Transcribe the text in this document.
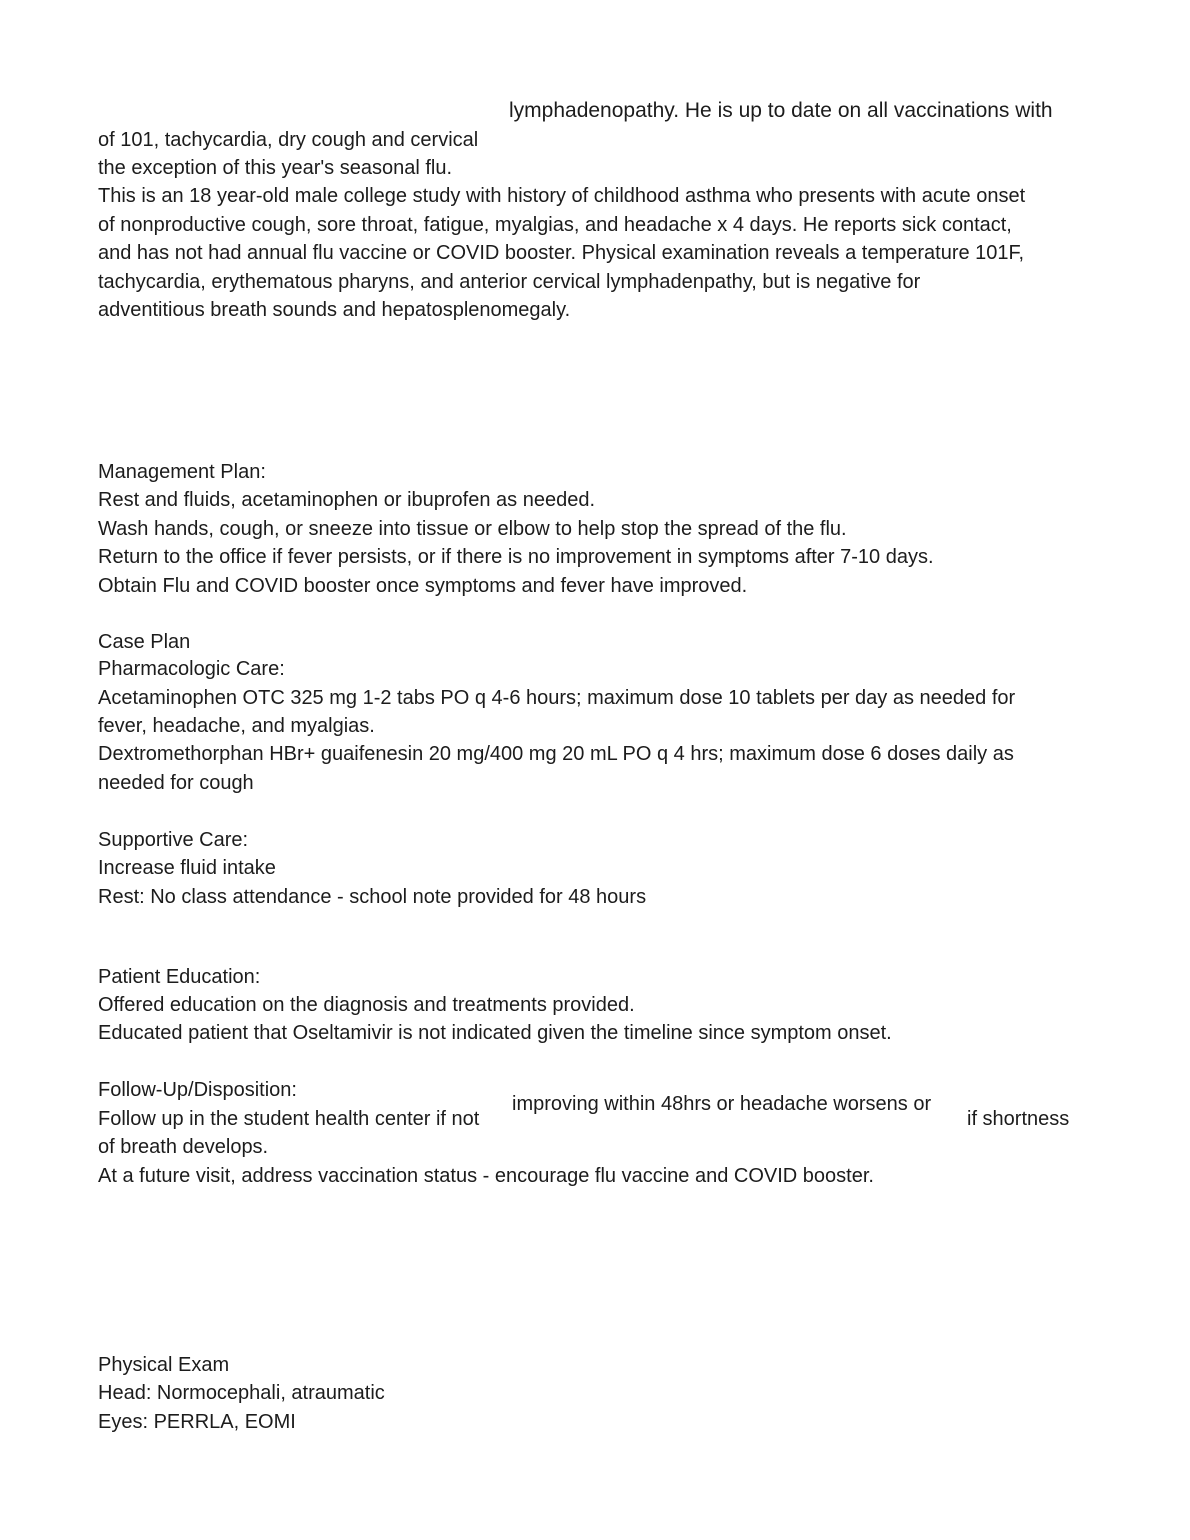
lymphadenopathy. He is up to date on all vaccinations with
of 101, tachycardia, dry cough and cervical
the exception of this year's seasonal flu.
This is an 18 year-old male college study with history of childhood asthma who presents with acute onset
of nonproductive cough, sore throat, fatigue, myalgias, and headache x 4 days. He reports sick contact,
and has not had annual flu vaccine or COVID booster. Physical examination reveals a temperature 101F,
tachycardia, erythematous pharyns, and anterior cervical lymphadenpathy, but is negative for
adventitious breath sounds and hepatosplenomegaly.
Management Plan:
Rest and fluids, acetaminophen or ibuprofen as needed.
Wash hands, cough, or sneeze into tissue or elbow to help stop the spread of the flu.
Return to the office if fever persists, or if there is no improvement in symptoms after 7-10 days.
Obtain Flu and COVID booster once symptoms and fever have improved.
Case Plan
Pharmacologic Care:
Acetaminophen OTC 325 mg 1-2 tabs PO q 4-6 hours; maximum dose 10 tablets per day as needed for
fever, headache, and myalgias.
Dextromethorphan HBr+ guaifenesin 20 mg/400 mg 20 mL PO q 4 hrs; maximum dose 6 doses daily as
needed for cough
Supportive Care:
Increase fluid intake
Rest: No class attendance - school note provided for 48 hours
Patient Education:
Offered education on the diagnosis and treatments provided.
Educated patient that Oseltamivir is not indicated given the timeline since symptom onset.
Follow-Up/Disposition:
Follow up in the student health center if not
improving within 48hrs or headache worsens or
if shortness
of breath develops.
At a future visit, address vaccination status - encourage flu vaccine and COVID booster.
Physical Exam
Head: Normocephali, atraumatic
Eyes: PERRLA, EOMI
